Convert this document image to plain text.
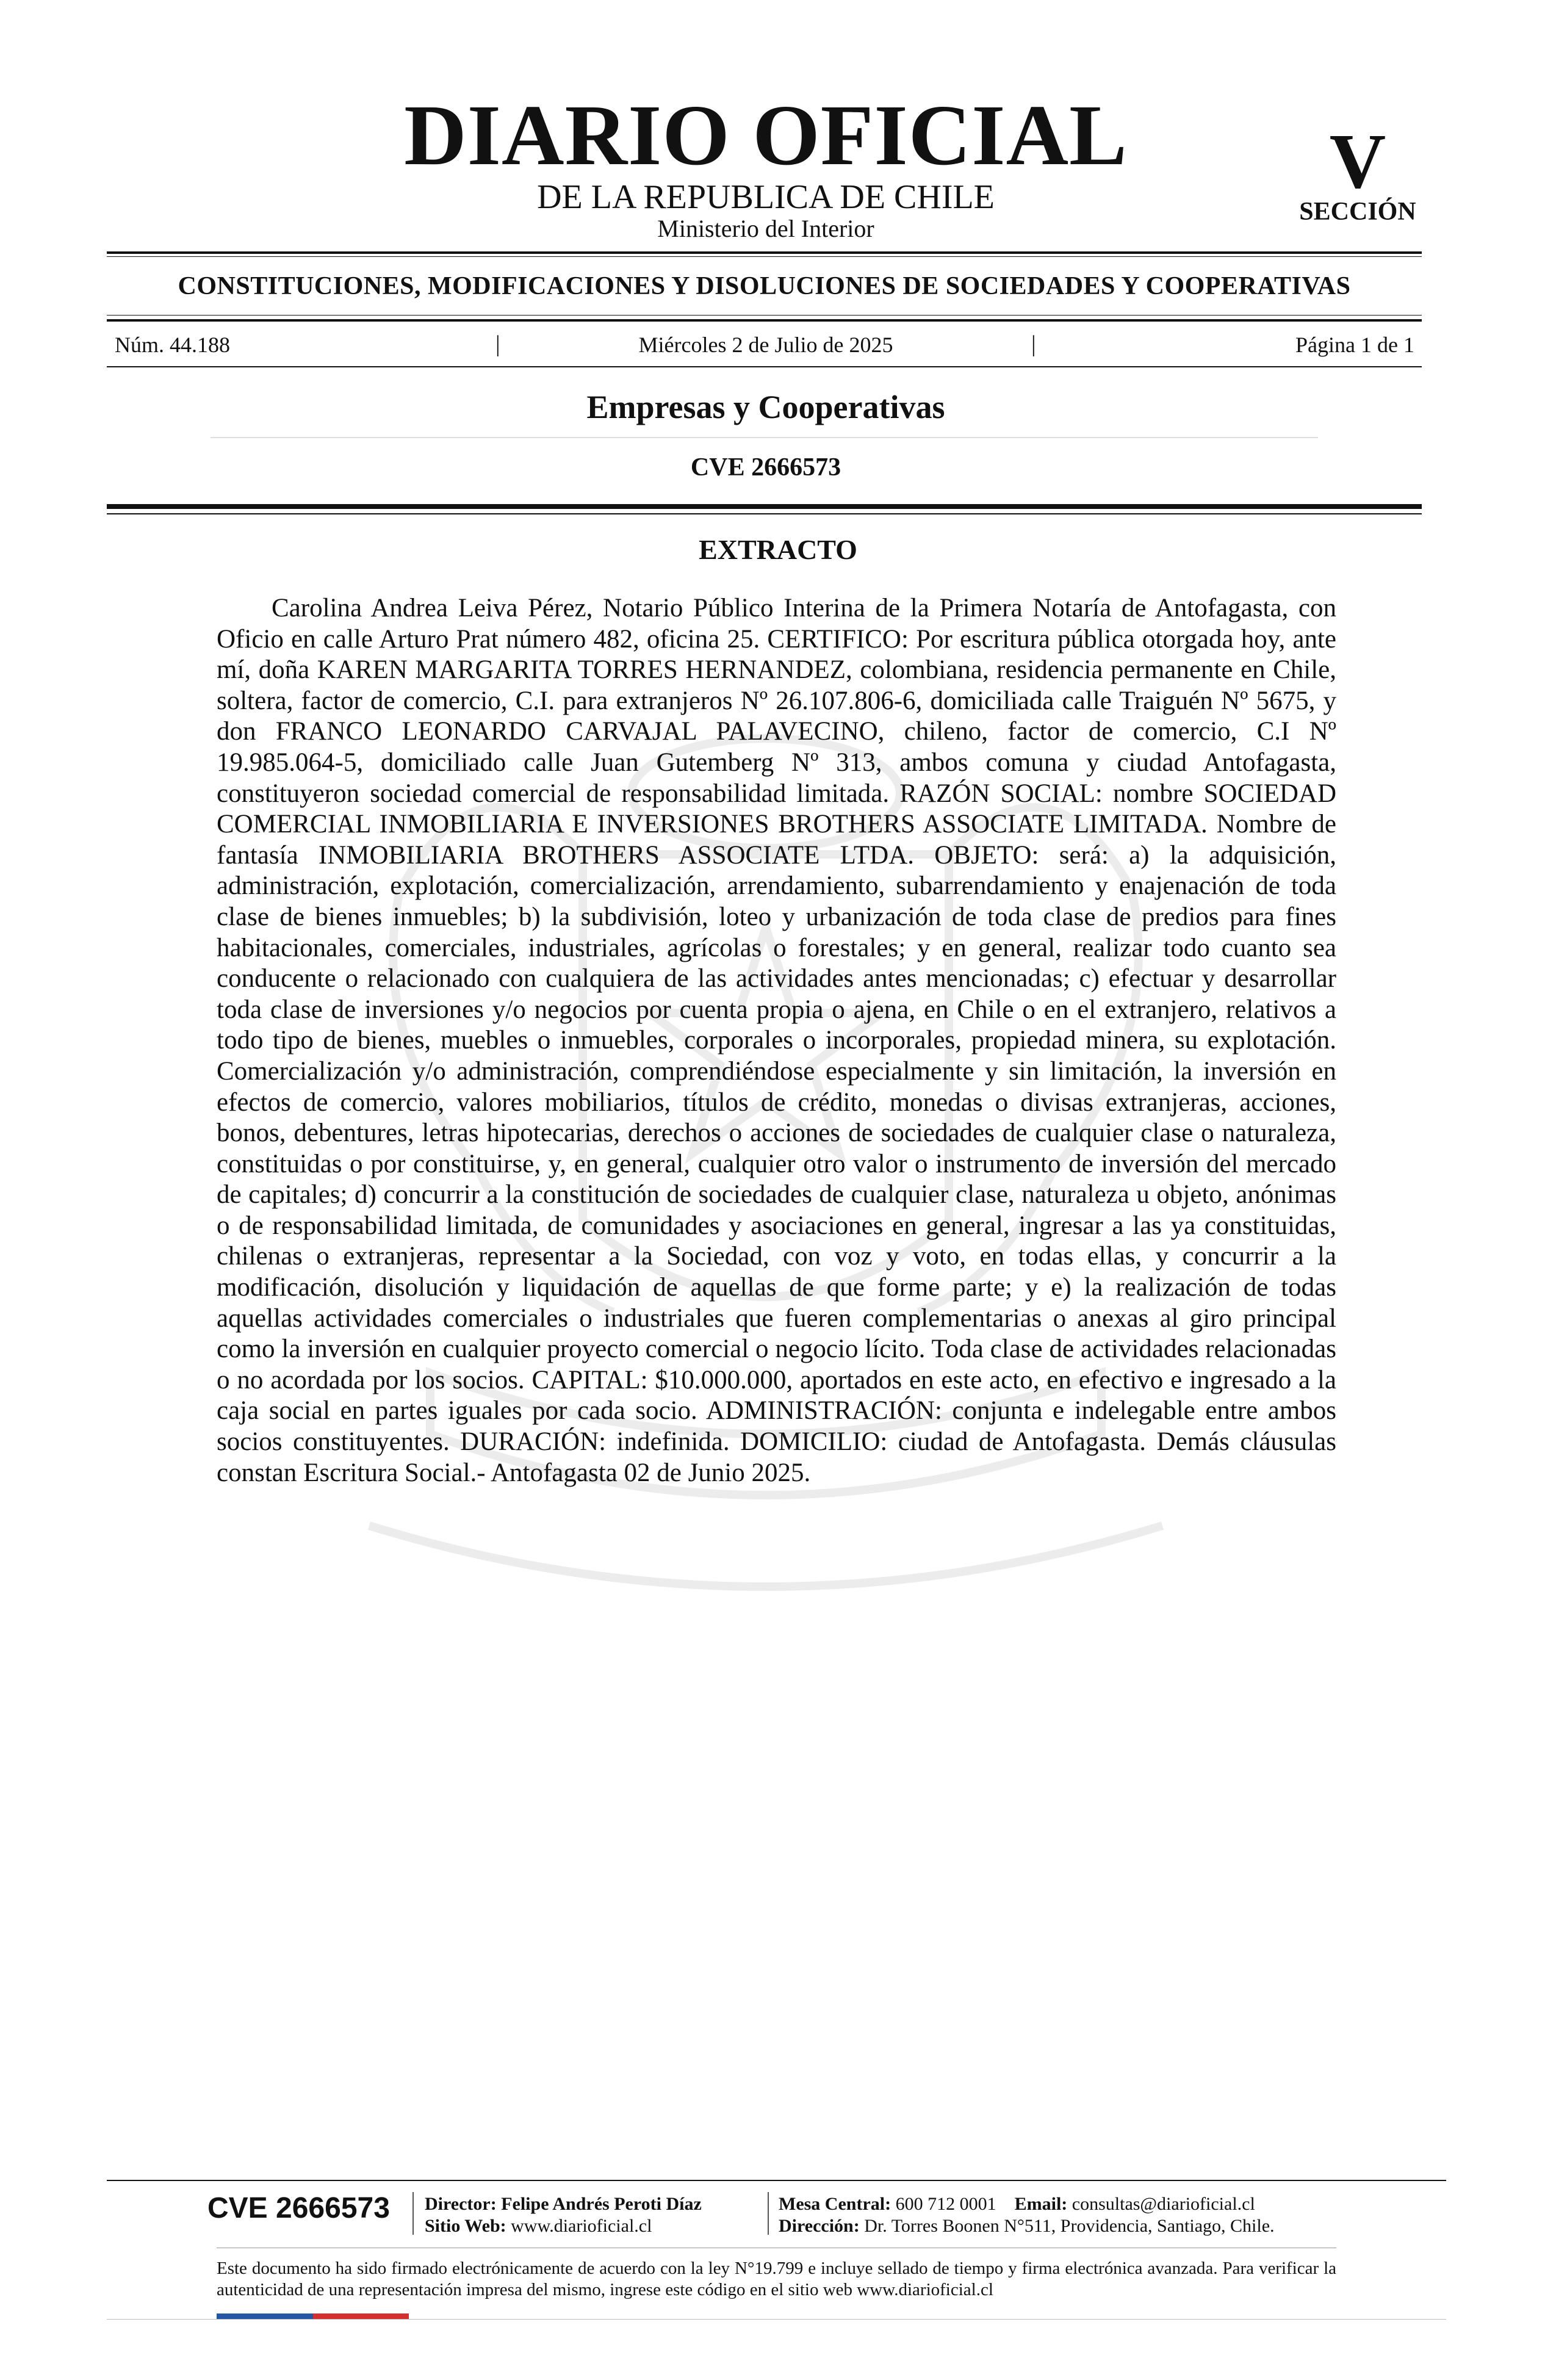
DIARIO OFICIAL
DE LA REPUBLICA DE CHILE
Ministerio del Interior
V
SECCIÓN
CONSTITUCIONES, MODIFICACIONES Y DISOLUCIONES DE SOCIEDADES Y COOPERATIVAS
Núm. 44.188	|	Miércoles 2 de Julio de 2025	|	Página 1 de 1
Empresas y Cooperativas
CVE 2666573
EXTRACTO

Carolina Andrea Leiva Pérez, Notario Público Interina de la Primera Notaría de Antofagasta, con Oficio en calle Arturo Prat número 482, oficina 25. CERTIFICO: Por escritura pública otorgada hoy, ante mí, doña KAREN MARGARITA TORRES HERNANDEZ, colombiana, residencia permanente en Chile, soltera, factor de comercio, C.I. para extranjeros Nº 26.107.806-6, domiciliada calle Traiguén Nº 5675, y don FRANCO LEONARDO CARVAJAL PALAVECINO, chileno, factor de comercio, C.I Nº 19.985.064-5, domiciliado calle Juan Gutemberg Nº 313, ambos comuna y ciudad Antofagasta, constituyeron sociedad comercial de responsabilidad limitada. RAZÓN SOCIAL: nombre SOCIEDAD COMERCIAL INMOBILIARIA E INVERSIONES BROTHERS ASSOCIATE LIMITADA. Nombre de fantasía INMOBILIARIA BROTHERS ASSOCIATE LTDA. OBJETO: será: a) la adquisición, administración, explotación, comercialización, arrendamiento, subarrendamiento y enajenación de toda clase de bienes inmuebles; b) la subdivisión, loteo y urbanización de toda clase de predios para fines habitacionales, comerciales, industriales, agrícolas o forestales; y en general, realizar todo cuanto sea conducente o relacionado con cualquiera de las actividades antes mencionadas; c) efectuar y desarrollar toda clase de inversiones y/o negocios por cuenta propia o ajena, en Chile o en el extranjero, relativos a todo tipo de bienes, muebles o inmuebles, corporales o incorporales, propiedad minera, su explotación. Comercialización y/o administración, comprendiéndose especialmente y sin limitación, la inversión en efectos de comercio, valores mobiliarios, títulos de crédito, monedas o divisas extranjeras, acciones, bonos, debentures, letras hipotecarias, derechos o acciones de sociedades de cualquier clase o naturaleza, constituidas o por constituirse, y, en general, cualquier otro valor o instrumento de inversión del mercado de capitales; d) concurrir a la constitución de sociedades de cualquier clase, naturaleza u objeto, anónimas o de responsabilidad limitada, de comunidades y asociaciones en general, ingresar a las ya constituidas, chilenas o extranjeras, representar a la Sociedad, con voz y voto, en todas ellas, y concurrir a la modificación, disolución y liquidación de aquellas de que forme parte; y e) la realización de todas aquellas actividades comerciales o industriales que fueren complementarias o anexas al giro principal como la inversión en cualquier proyecto comercial o negocio lícito. Toda clase de actividades relacionadas o no acordada por los socios. CAPITAL: $10.000.000, aportados en este acto, en efectivo e ingresado a la caja social en partes iguales por cada socio. ADMINISTRACIÓN: conjunta e indelegable entre ambos socios constituyentes. DURACIÓN: indefinida. DOMICILIO: ciudad de Antofagasta. Demás cláusulas constan Escritura Social.- Antofagasta 02 de Junio 2025.

CVE 2666573 Director: Felipe Andrés Peroti Díaz
Sitio Web: www.diarioficial.cl
Mesa Central: 600 712 0001 Email: consultas@diarioficial.cl
Dirección: Dr. Torres Boonen N°511, Providencia, Santiago, Chile.

Este documento ha sido firmado electrónicamente de acuerdo con la ley N°19.799 e incluye sellado de tiempo y firma electrónica avanzada. Para verificar la autenticidad de una representación impresa del mismo, ingrese este código en el sitio web www.diarioficial.cl
